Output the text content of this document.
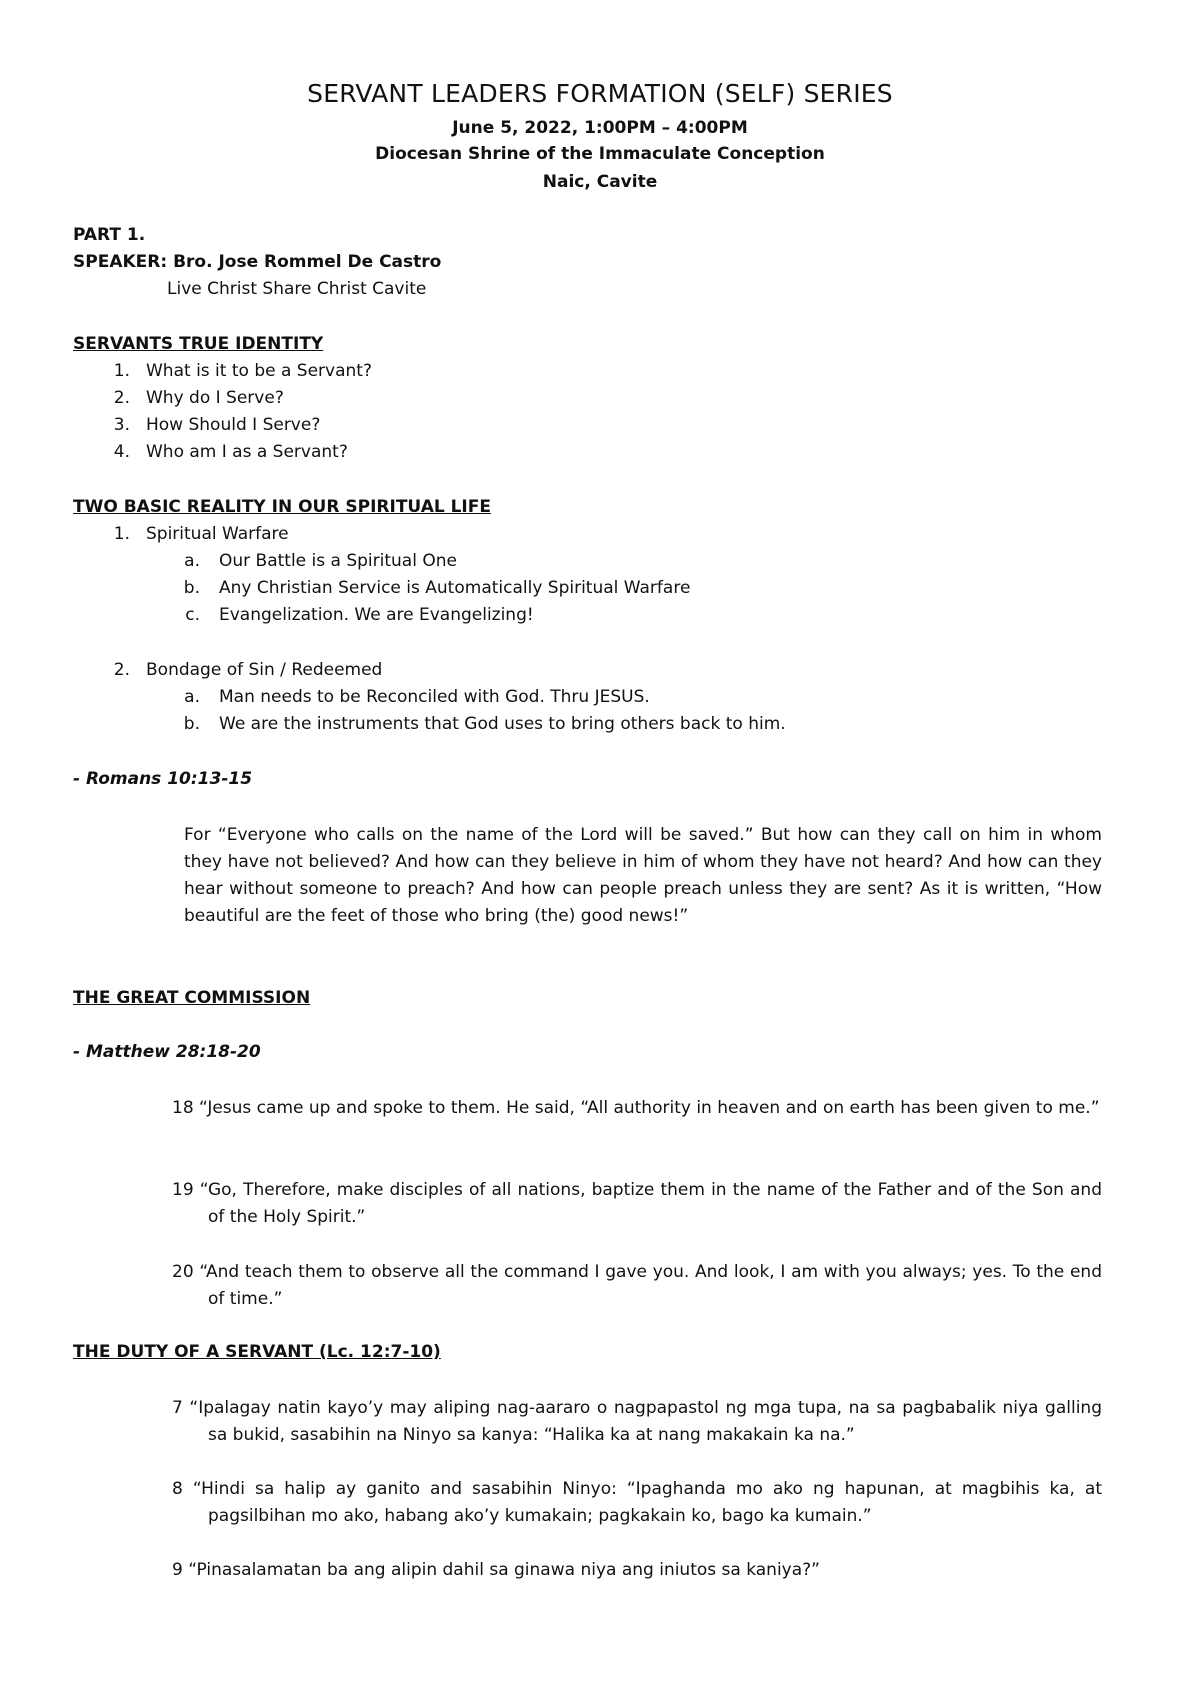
SERVANT LEADERS FORMATION (SELF) SERIES
June 5, 2022, 1:00PM – 4:00PM
Diocesan Shrine of the Immaculate Conception
Naic, Cavite
PART 1.
SPEAKER: Bro. Jose Rommel De Castro
Live Christ Share Christ Cavite
SERVANTS TRUE IDENTITY
1. What is it to be a Servant?
2. Why do I Serve?
3. How Should I Serve?
4. Who am I as a Servant?
TWO BASIC REALITY IN OUR SPIRITUAL LIFE
1. Spiritual Warfare
a. Our Battle is a Spiritual One
b. Any Christian Service is Automatically Spiritual Warfare
c. Evangelization. We are Evangelizing!
2. Bondage of Sin / Redeemed
a. Man needs to be Reconciled with God. Thru JESUS.
b. We are the instruments that God uses to bring others back to him.
- Romans 10:13-15
For “Everyone who calls on the name of the Lord will be saved.” But how can they call on him in whom they have not believed? And how can they believe in him of whom they have not heard? And how can they hear without someone to preach? And how can people preach unless they are sent? As it is written, “How beautiful are the feet of those who bring (the) good news!”
THE GREAT COMMISSION
- Matthew 28:18-20
18 “Jesus came up and spoke to them. He said, “All authority in heaven and on earth has been given to me.”
19 “Go, Therefore, make disciples of all nations, baptize them in the name of the Father and of the Son and of the Holy Spirit.”
20 “And teach them to observe all the command I gave you. And look, I am with you always; yes. To the end of time.”
THE DUTY OF A SERVANT (Lc. 12:7-10)
7 “Ipalagay natin kayo’y may aliping nag-aararo o nagpapastol ng mga tupa, na sa pagbabalik niya galling sa bukid, sasabihin na Ninyo sa kanya: “Halika ka at nang makakain ka na.”
8 “Hindi sa halip ay ganito and sasabihin Ninyo: “Ipaghanda mo ako ng hapunan, at magbihis ka, at pagsilbihan mo ako, habang ako’y kumakain; pagkakain ko, bago ka kumain.”
9 “Pinasalamatan ba ang alipin dahil sa ginawa niya ang iniutos sa kaniya?”
